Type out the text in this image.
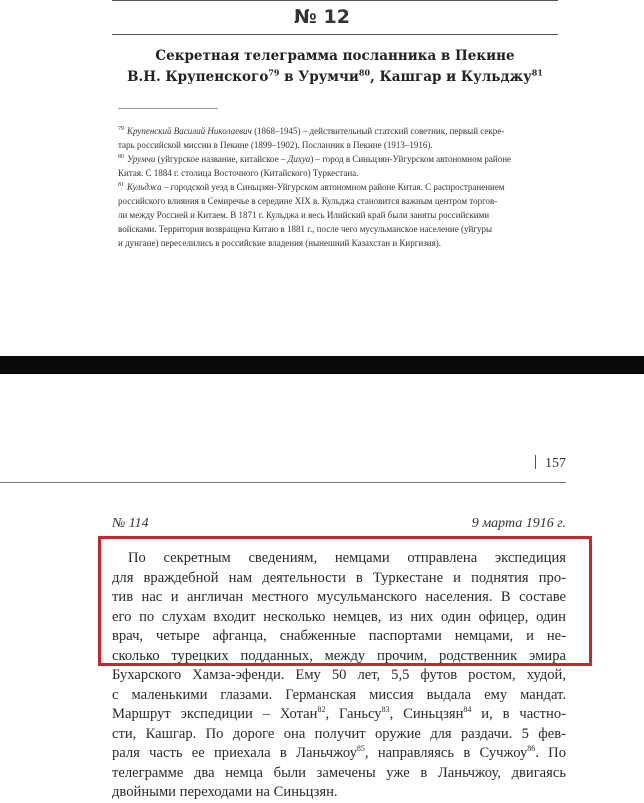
№ 12
Секретная телеграмма посланника в Пекине
В.Н. Крупенского$^{79}$ в Урумчи$^{80}$, Кашгар и Кульджу$^{81}$
$^{79}$ Крупенский Василий Николаевич (1868–1945) – действительный статский советник, первый секре-
тарь российской миссии в Пекине (1899–1902). Посланник в Пекине (1913–1916).
$^{80}$ Урумчи (уйгурское название, китайское – Дихуа) – город в Синьцзян-Уйгурском автономном районе
Китая. С 1884 г. столица Восточного (Китайского) Туркестана.
$^{81}$ Кульджа – городской уезд в Синьцзян-Уйгурском автономном районе Китая. С распространением
российского влияния в Семиречье в середине XIX в. Кульджа становится важным центром торгов-
ли между Россией и Китаем. В 1871 г. Кульджа и весь Илийский край были заняты российскими
войсками. Территория возвращена Китаю в 1881 г., после чего мусульманское население (уйгуры
и дунгане) переселились в российские владения (нынешний Казахстан и Киргизия).
157
№ 114	9 марта 1916 г.
По секретным сведениям, немцами отправлена экспедиция
для враждебной нам деятельности в Туркестане и поднятия про-
тив нас и англичан местного мусульманского населения. В составе
его по слухам входит несколько немцев, из них один офицер, один
врач, четыре афганца, снабженные паспортами немцами, и не-
сколько турецких подданных, между прочим, родственник эмира
Бухарского Хамза-эфенди. Ему 50 лет, 5,5 футов ростом, худой,
с маленькими глазами. Германская миссия выдала ему мандат.
Маршрут экспедиции – Хотан$^{82}$, Ганьсу$^{83}$, Синьцзян$^{84}$ и, в частно-
сти, Кашгар. По дороге она получит оружие для раздачи. 5 фев-
раля часть ее приехала в Ланьчжоу$^{85}$, направляясь в Сучжоу$^{86}$. По
телеграмме два немца были замечены уже в Ланьчжоу, двигаясь
двойными переходами на Синьцзян.
